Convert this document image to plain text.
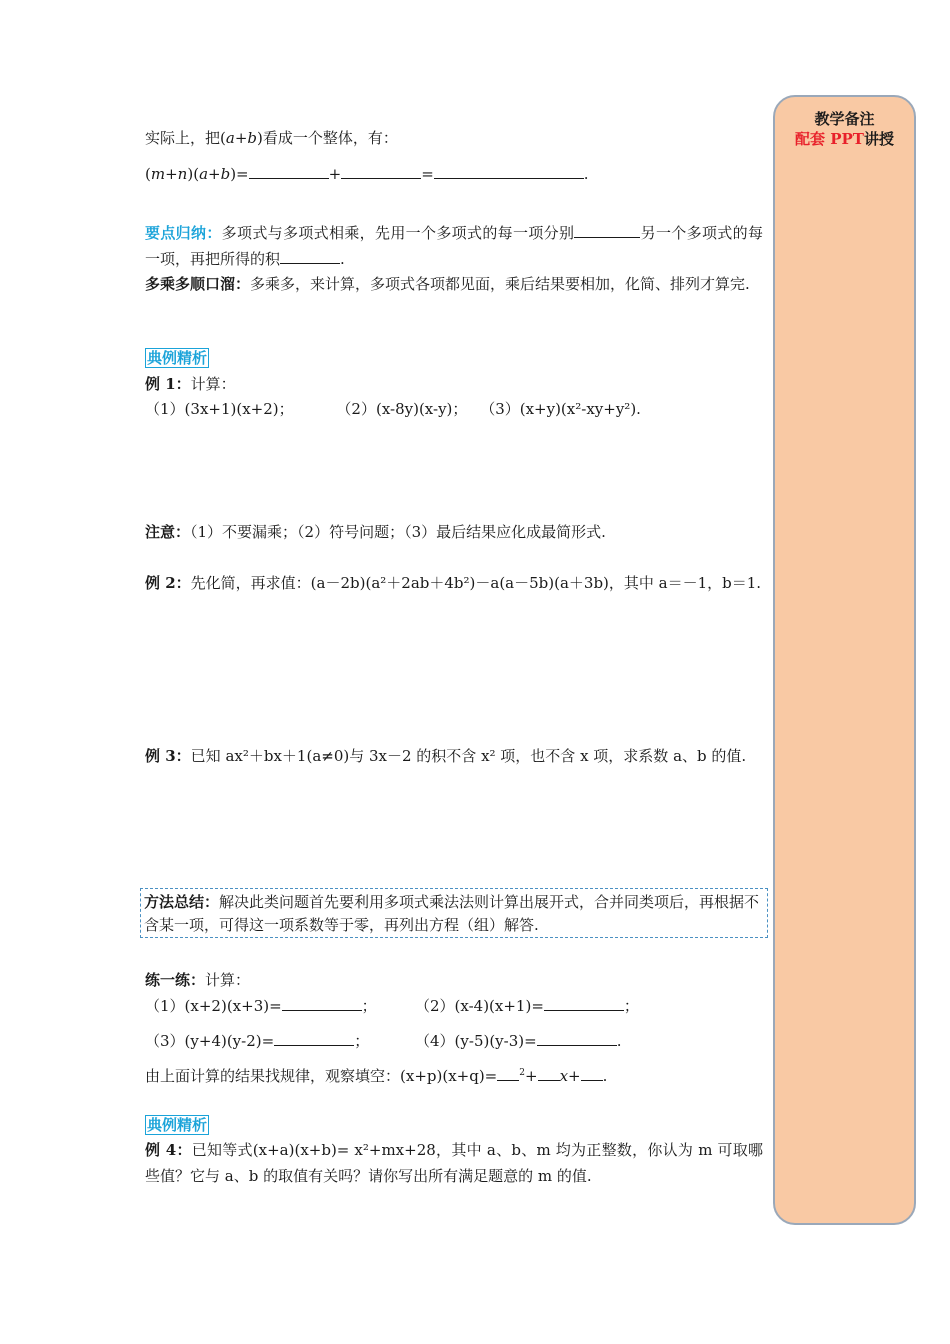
实际上，把(a+b)看成一个整体，有：
(m+n)(a+b)=	+	=	.
要点归纳：多项式与多项式相乘，先用一个多项式的每一项分别	另一个多项式的每一项，再把所得的积	.
多乘多顺口溜：多乘多，来计算，多项式各项都见面，乘后结果要相加，化简、排列才算完.
典例精析
例 1：计算：
（1）(3x+1)(x+2)；	（2）(x-8y)(x-y)； （3）(x+y)(x²-xy+y²).
注意：（1）不要漏乘；（2）符号问题；（3）最后结果应化成最简形式.
例 2：先化简，再求值：(a－2b)(a²＋2ab＋4b²)－a(a－5b)(a＋3b)，其中 a＝－1，b＝1.
例 3：已知 ax²＋bx＋1(a≠0)与 3x－2 的积不含 x² 项，也不含 x 项，求系数 a、b 的值.
练一练：计算：
（1）(x+2)(x+3)=	；	（2）(x-4)(x+1)=	；
（3）(y+4)(y-2)=	；	（4）(y-5)(y-3)=	.
由上面计算的结果找规律，观察填空：(x+p)(x+q)= $^2$+ x+ .
典例精析
例 4：已知等式(x+a)(x+b)= x²+mx+28，其中 a、b、m 均为正整数，你认为 m 可取哪些值？它与 a、b 的取值有关吗？请你写出所有满足题意的 m 的值.
方法总结：解决此类问题首先要利用多项式乘法法则计算出展开式，合并同类项后，再根据不含某一项，可得这一项系数等于零，再列出方程（组）解答.
教学备注
配套 PPT讲授
